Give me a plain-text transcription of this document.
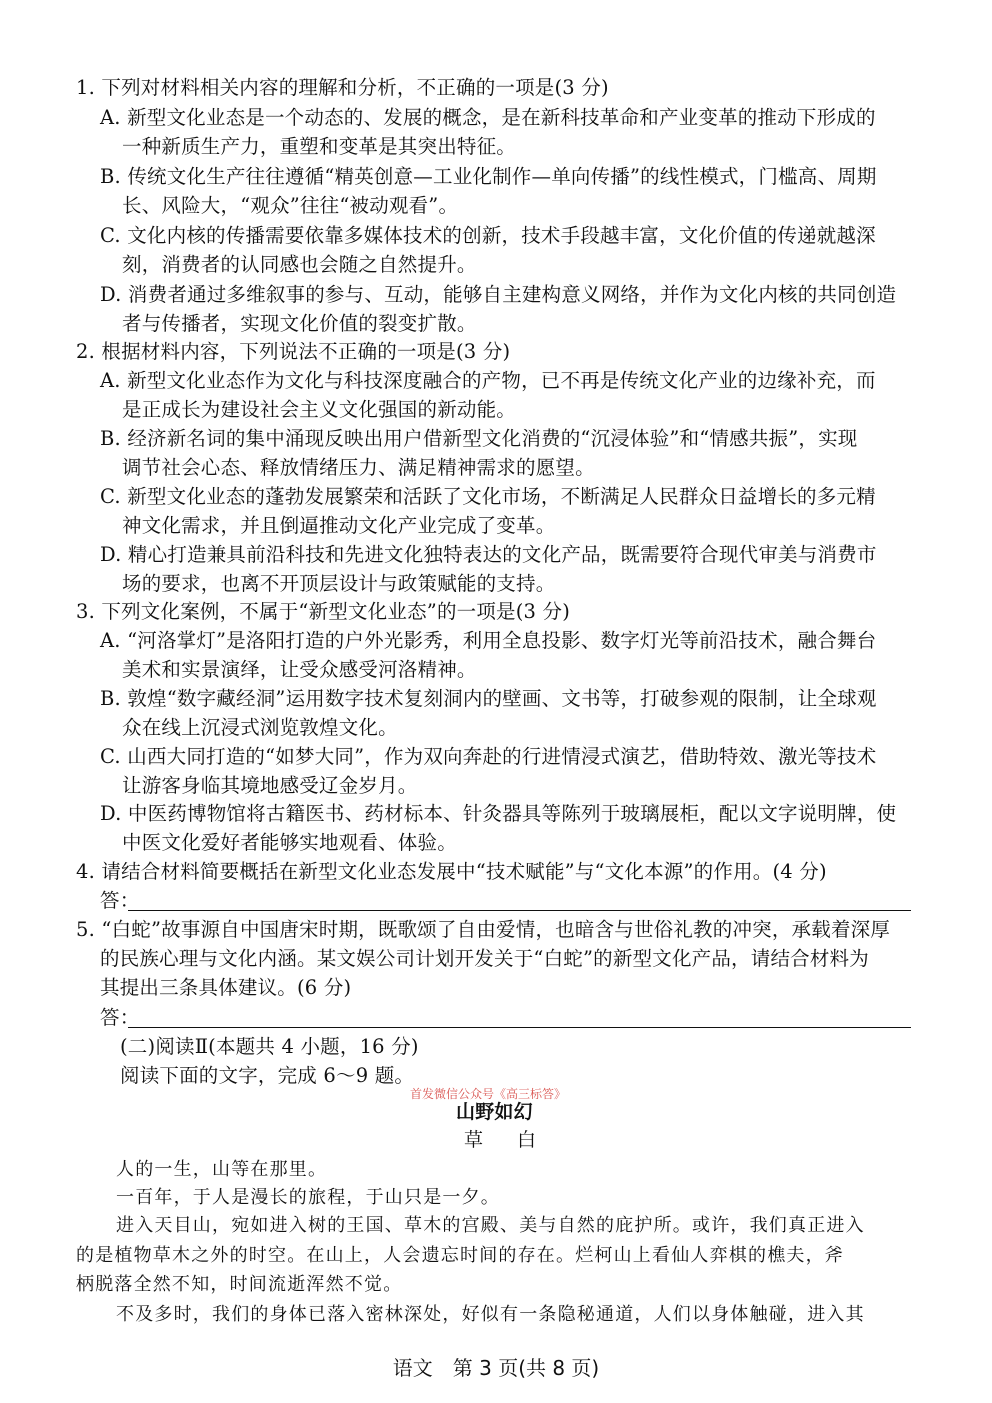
1. 下列对材料相关内容的理解和分析，不正确的一项是(3 分)
A. 新型文化业态是一个动态的、发展的概念，是在新科技革命和产业变革的推动下形成的
一种新质生产力，重塑和变革是其突出特征。
B. 传统文化生产往往遵循“精英创意—工业化制作—单向传播”的线性模式，门槛高、周期
长、风险大，“观众”往往“被动观看”。
C. 文化内核的传播需要依靠多媒体技术的创新，技术手段越丰富，文化价值的传递就越深
刻，消费者的认同感也会随之自然提升。
D. 消费者通过多维叙事的参与、互动，能够自主建构意义网络，并作为文化内核的共同创造
者与传播者，实现文化价值的裂变扩散。
2. 根据材料内容，下列说法不正确的一项是(3 分)
A. 新型文化业态作为文化与科技深度融合的产物，已不再是传统文化产业的边缘补充，而
是正成长为建设社会主义文化强国的新动能。
B. 经济新名词的集中涌现反映出用户借新型文化消费的“沉浸体验”和“情感共振”，实现
调节社会心态、释放情绪压力、满足精神需求的愿望。
C. 新型文化业态的蓬勃发展繁荣和活跃了文化市场，不断满足人民群众日益增长的多元精
神文化需求，并且倒逼推动文化产业完成了变革。
D. 精心打造兼具前沿科技和先进文化独特表达的文化产品，既需要符合现代审美与消费市
场的要求，也离不开顶层设计与政策赋能的支持。
3. 下列文化案例，不属于“新型文化业态”的一项是(3 分)
A. “河洛掌灯”是洛阳打造的户外光影秀，利用全息投影、数字灯光等前沿技术，融合舞台
美术和实景演绎，让受众感受河洛精神。
B. 敦煌“数字藏经洞”运用数字技术复刻洞内的壁画、文书等，打破参观的限制，让全球观
众在线上沉浸式浏览敦煌文化。
C. 山西大同打造的“如梦大同”，作为双向奔赴的行进情浸式演艺，借助特效、激光等技术
让游客身临其境地感受辽金岁月。
D. 中医药博物馆将古籍医书、药材标本、针灸器具等陈列于玻璃展柜，配以文字说明牌，使
中医文化爱好者能够实地观看、体验。
4. 请结合材料简要概括在新型文化业态发展中“技术赋能”与“文化本源”的作用。(4 分)
答：
5. “白蛇”故事源自中国唐宋时期，既歌颂了自由爱情，也暗含与世俗礼教的冲突，承载着深厚
的民族心理与文化内涵。某文娱公司计划开发关于“白蛇”的新型文化产品，请结合材料为
其提出三条具体建议。(6 分)
答：
(二)阅读Ⅱ(本题共 4 小题，16 分)
阅读下面的文字，完成 6～9 题。
首发微信公众号《高三标答》
山野如幻
草 白
人的一生，山等在那里。
一百年，于人是漫长的旅程，于山只是一夕。
进入天目山，宛如进入树的王国、草木的宫殿、美与自然的庇护所。或许，我们真正进入
的是植物草木之外的时空。在山上，人会遗忘时间的存在。烂柯山上看仙人弈棋的樵夫，斧
柄脱落全然不知，时间流逝浑然不觉。
不及多时，我们的身体已落入密林深处，好似有一条隐秘通道，人们以身体触碰，进入其
语文　第 3 页(共 8 页)
